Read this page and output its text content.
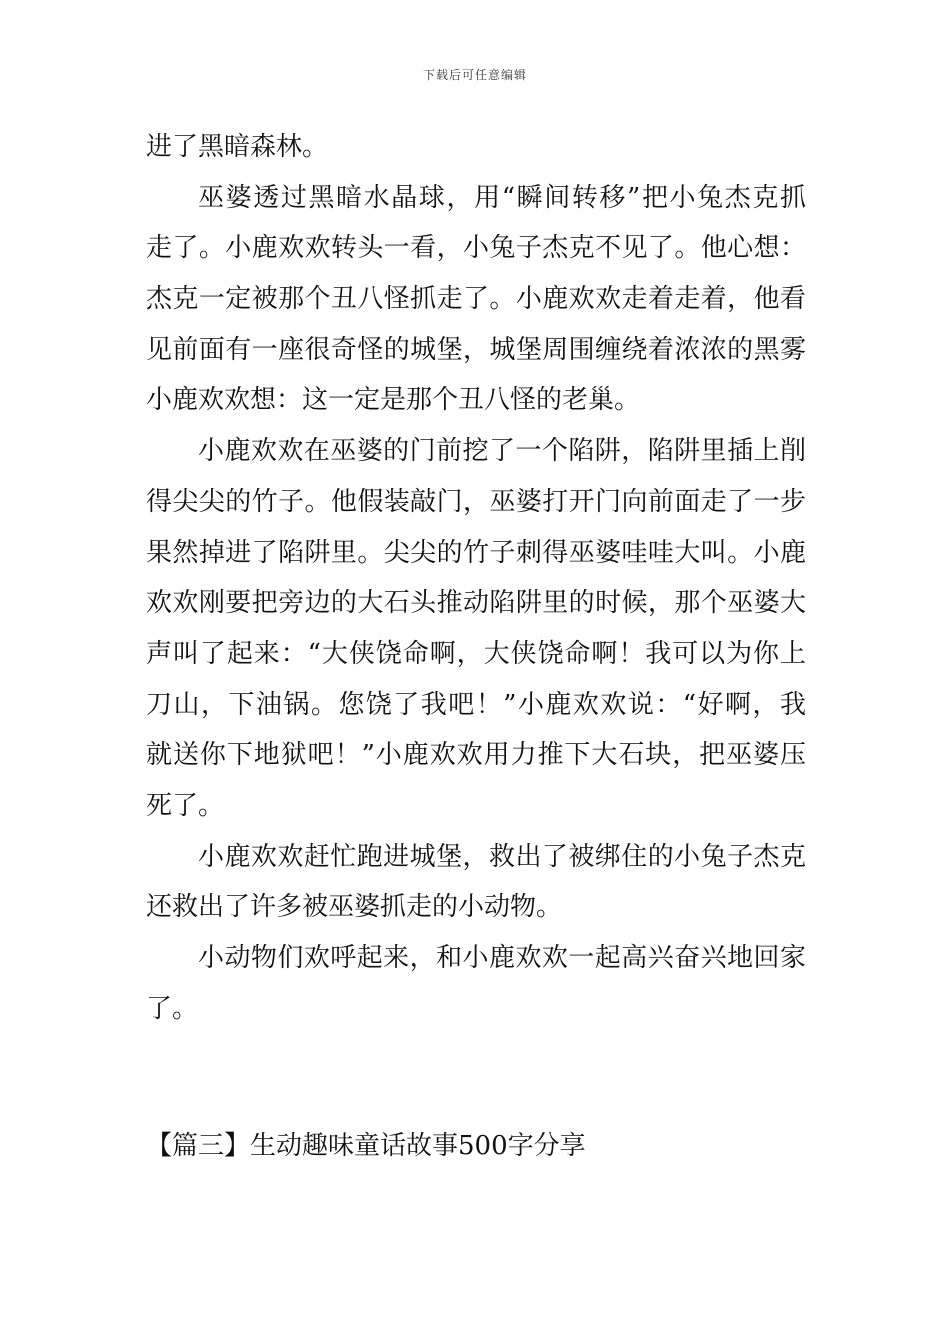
下载后可任意编辑
进了黑暗森林。
巫婆透过黑暗水晶球，用“瞬间转移”把小兔杰克抓
走了。小鹿欢欢转头一看，小兔子杰克不见了。他心想：
杰克一定被那个丑八怪抓走了。小鹿欢欢走着走着，他看
见前面有一座很奇怪的城堡，城堡周围缠绕着浓浓的黑雾
小鹿欢欢想：这一定是那个丑八怪的老巢。
小鹿欢欢在巫婆的门前挖了一个陷阱，陷阱里插上削
得尖尖的竹子。他假装敲门，巫婆打开门向前面走了一步
果然掉进了陷阱里。尖尖的竹子刺得巫婆哇哇大叫。小鹿
欢欢刚要把旁边的大石头推动陷阱里的时候，那个巫婆大
声叫了起来：“大侠饶命啊，大侠饶命啊！我可以为你上
刀山，下油锅。您饶了我吧！”小鹿欢欢说：“好啊，我
就送你下地狱吧！”小鹿欢欢用力推下大石块，把巫婆压
死了。
小鹿欢欢赶忙跑进城堡，救出了被绑住的小兔子杰克
还救出了许多被巫婆抓走的小动物。
小动物们欢呼起来，和小鹿欢欢一起高兴奋兴地回家
了。
【篇三】生动趣味童话故事500字分享
